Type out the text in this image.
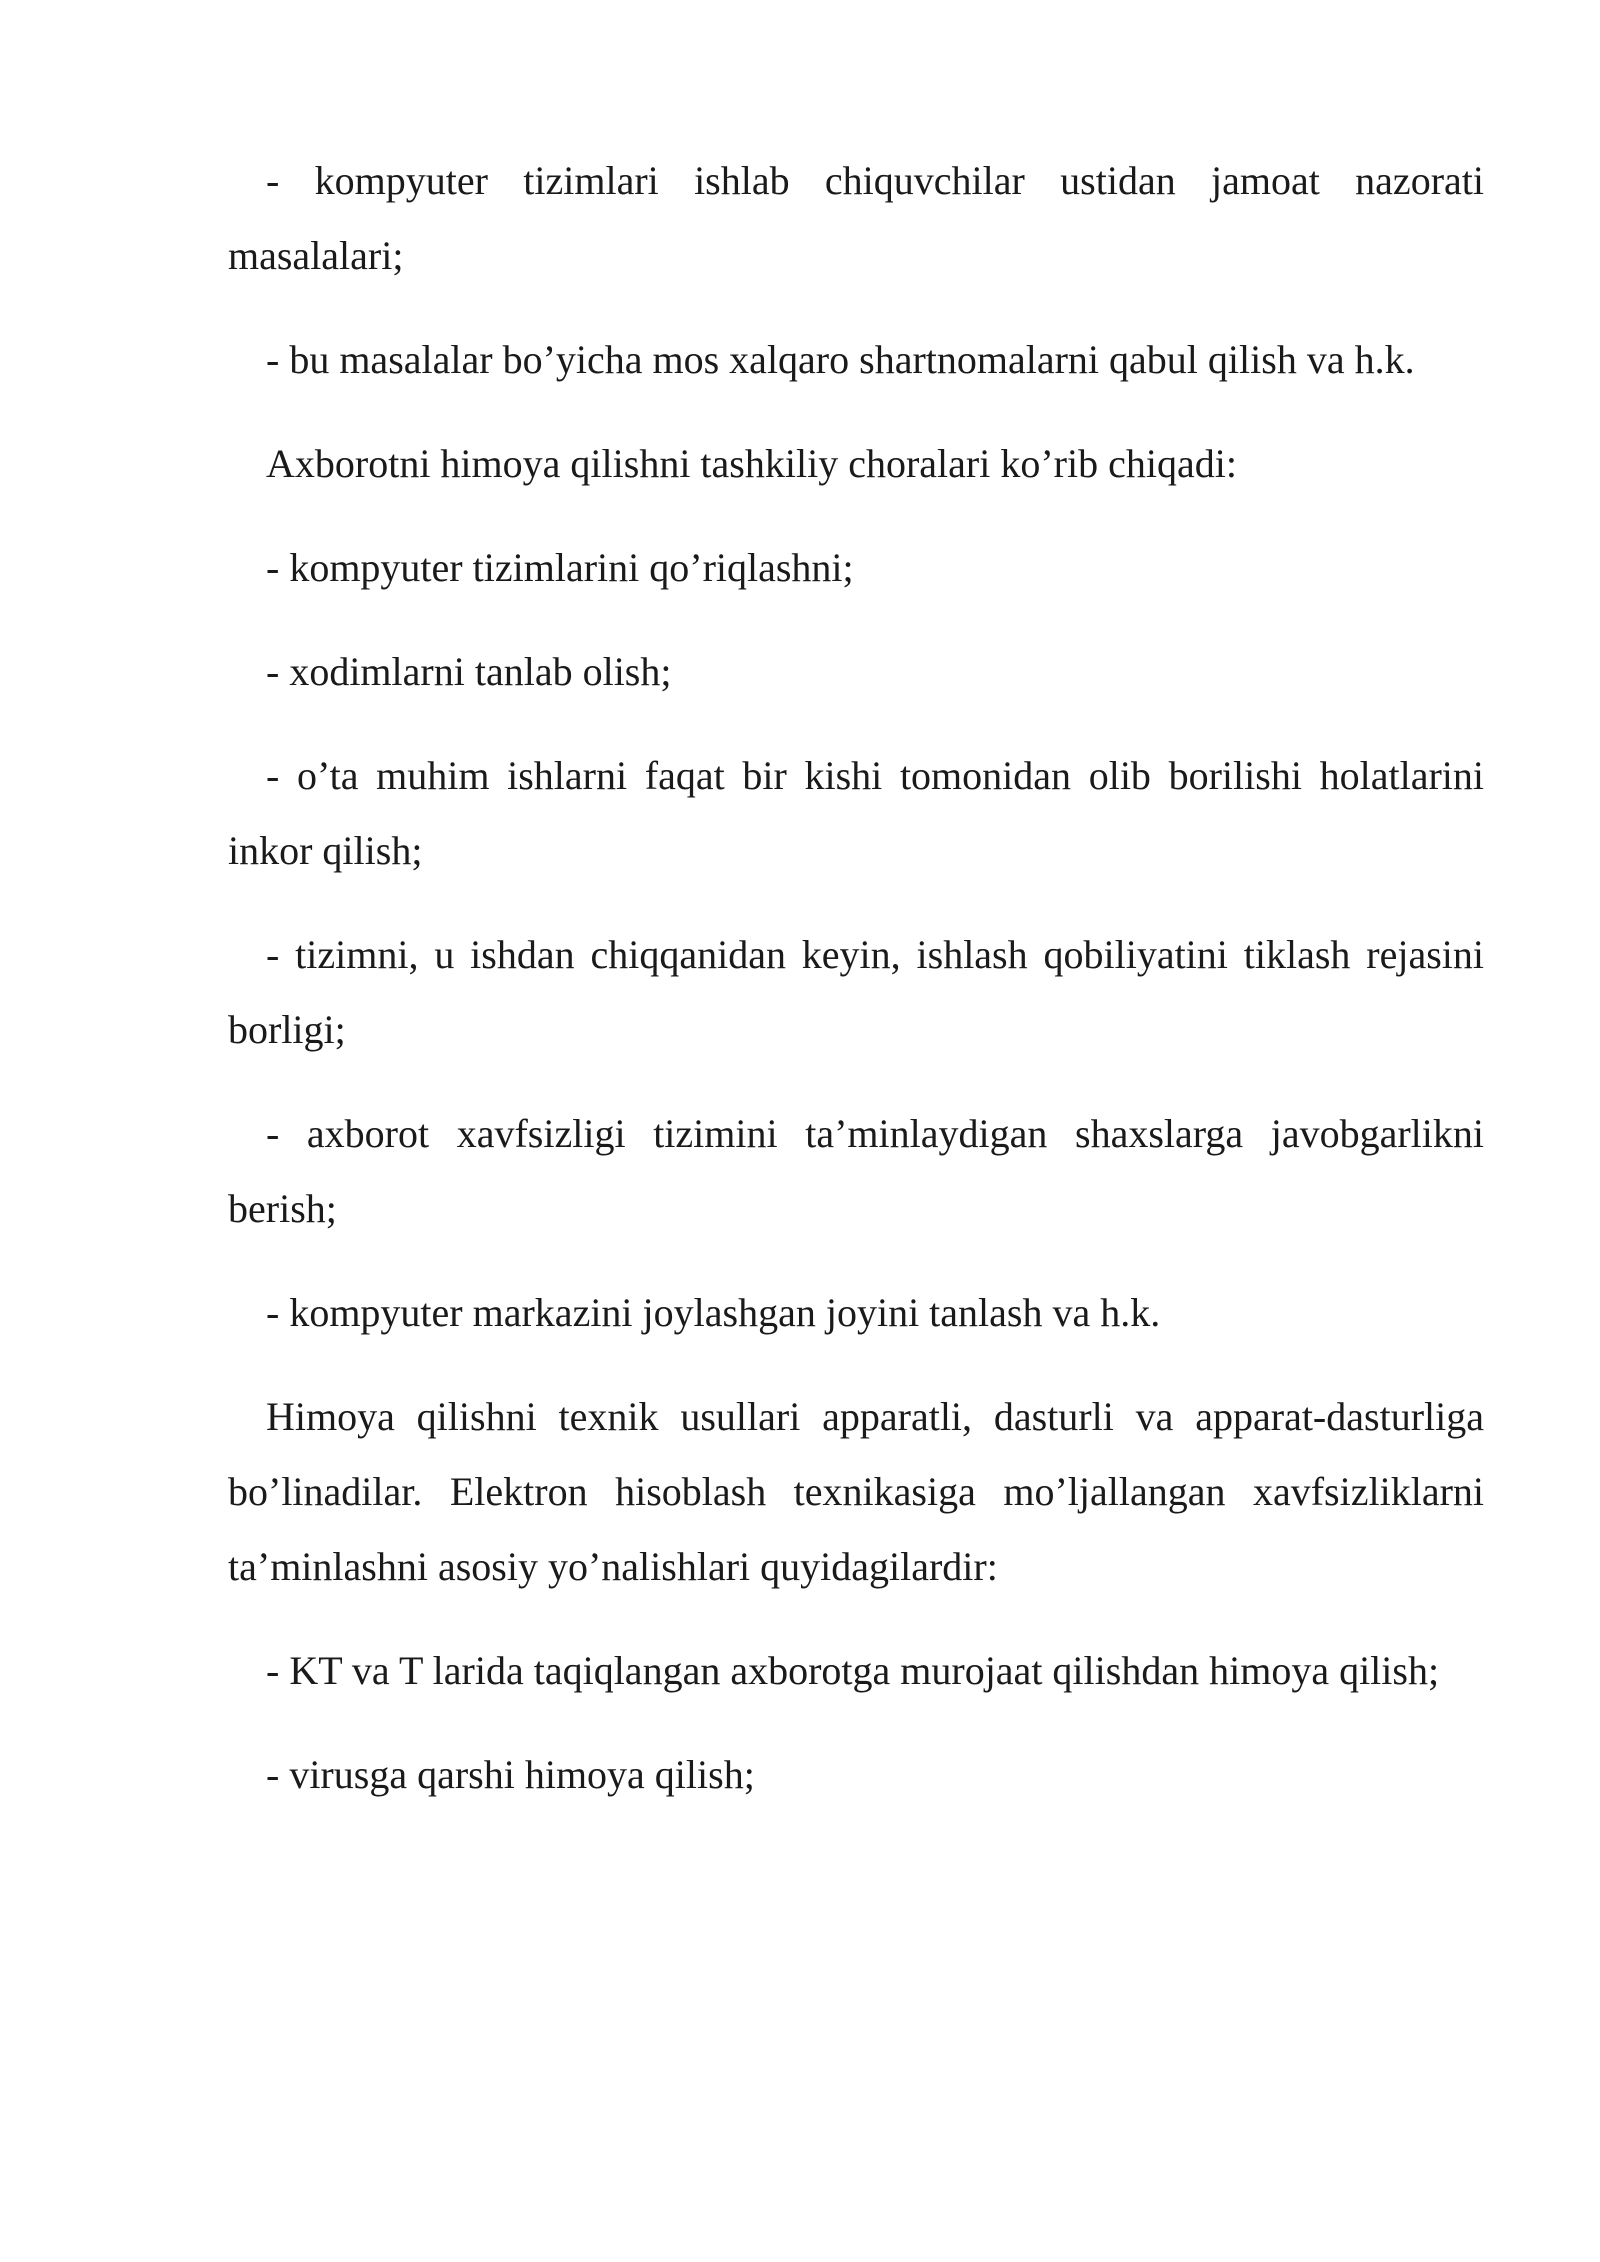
- kompyuter tizimlari ishlab chiquvchilar ustidan jamoat nazorati masalalari;

- bu masalalar bo’yicha mos xalqaro shartnomalarni qabul qilish va h.k.

Axborotni himoya qilishni tashkiliy choralari ko’rib chiqadi:

- kompyuter tizimlarini qo’riqlashni;

- xodimlarni tanlab olish;

- o’ta muhim ishlarni faqat bir kishi tomonidan olib borilishi holatlarini inkor qilish;

- tizimni, u ishdan chiqqanidan keyin, ishlash qobiliyatini tiklash rejasini borligi;

- axborot xavfsizligi tizimini ta’minlaydigan shaxslarga javobgarlikni berish;

- kompyuter markazini joylashgan joyini tanlash va h.k.

Himoya qilishni texnik usullari apparatli, dasturli va apparat-dasturliga bo’linadilar. Elektron hisoblash texnikasiga mo’ljallangan xavfsizliklarni ta’minlashni asosiy yo’nalishlari quyidagilardir:

- KT va T larida taqiqlangan axborotga murojaat qilishdan himoya qilish;

- virusga qarshi himoya qilish;
